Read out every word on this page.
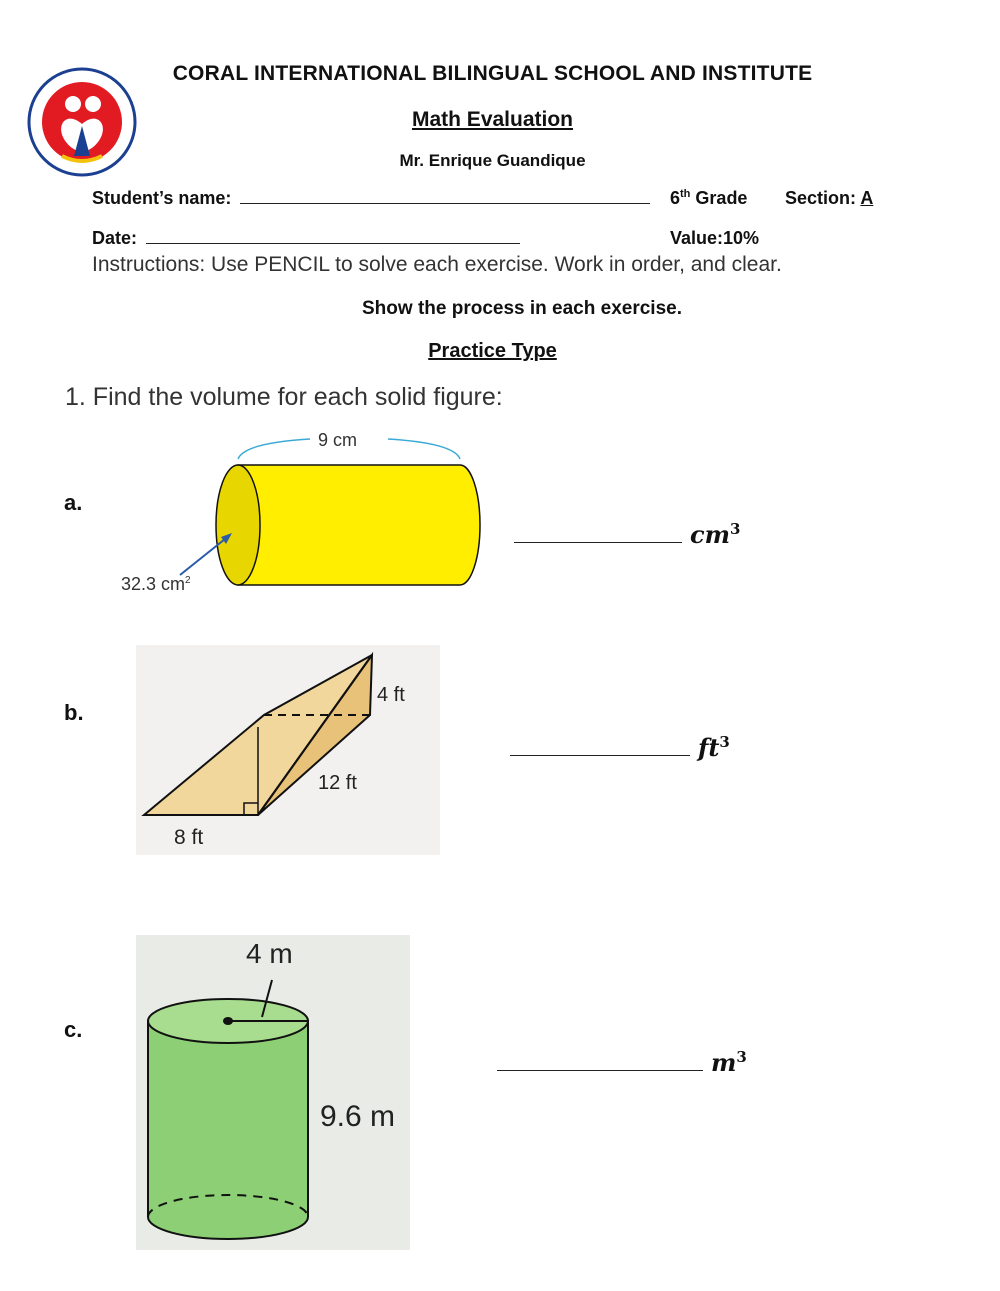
CORAL INTERNATIONAL BILINGUAL SCHOOL AND INSTITUTE
Math Evaluation
Mr. Enrique Guandique
Student’s name:	6th Grade Section: A
Date:	Value:10%
Instructions: Use PENCIL to solve each exercise. Work in order, and clear.
Show the process in each exercise.
Practice Type
1. Find the volume for each solid figure:
a.
9 cm
32.3 $cm^2$
$cm^3$
b.
4 ft
12 ft
8 ft
$ft^3$
c.
4 m
9.6 m
$m^3$
